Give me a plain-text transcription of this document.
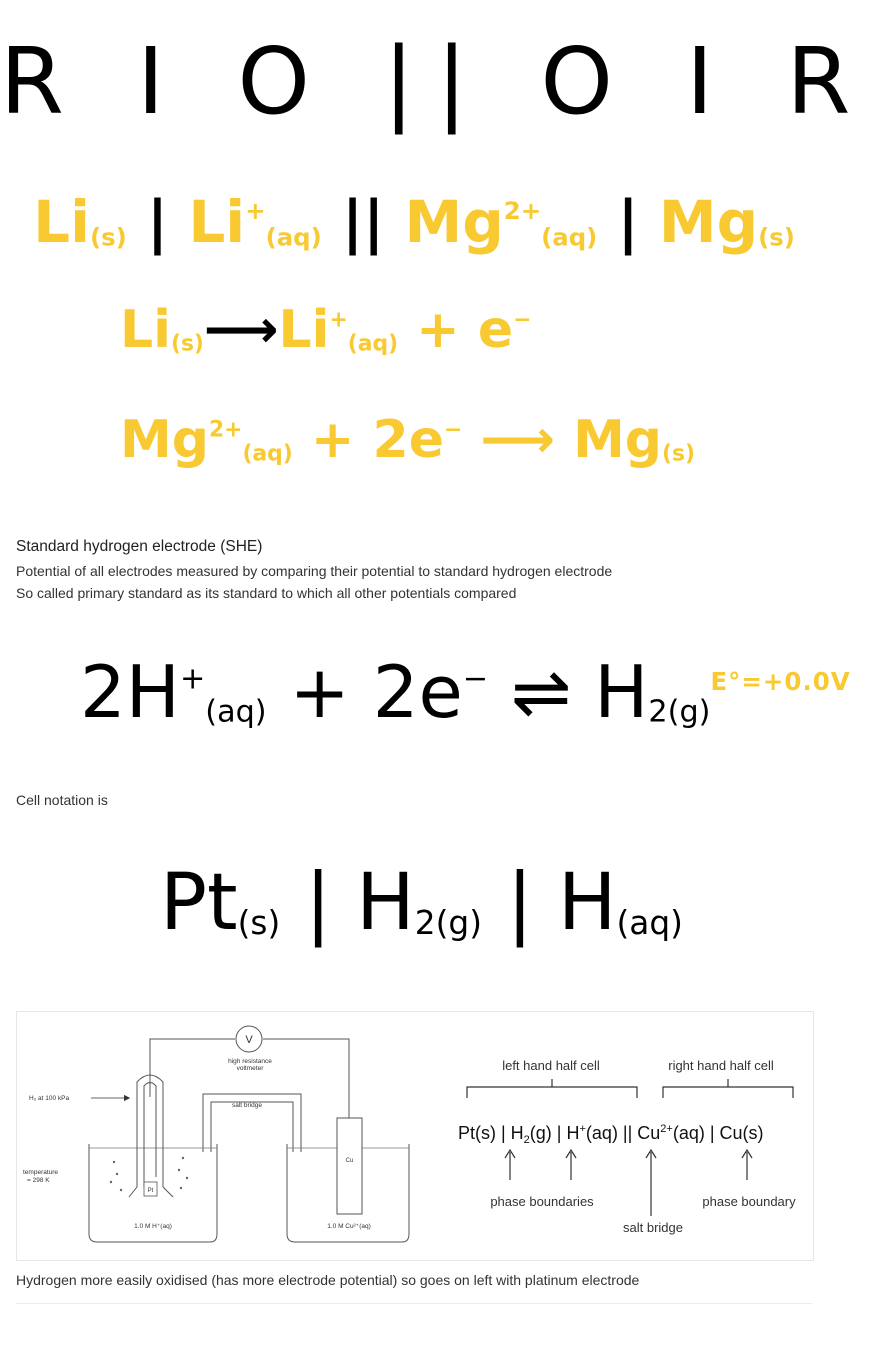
R I O || O I R
$Li_{(s)}$ | $Li^+_{(aq)}$ || $Mg^{2+}_{(aq)}$ | $Mg_{(s)}$
$Li_{(s)}⟶Li^+_{(aq)} + e^-$
$Mg^{2+}_{(aq)} + 2e^-$ ⟶ $Mg_{(s)}$
Standard hydrogen electrode (SHE)
Potential of all electrodes measured by comparing their potential to standard hydrogen electrode
So called primary standard as its standard to which all other potentials compared
$2H^+_{(aq)} + 2e^-$ ⇌ $H_{2(g)}^{E^\circ=+0.0V}$
Cell notation is
$Pt_{(s)}$ | $H_{2(g)}$ | $H_{(aq)}$
V
high resistance
voltmeter
salt bridge
Pt
Cu
H₂ at 100 kPa
temperature
= 298 K
1.0 M H⁺(aq)	1.0 M Cu²⁺(aq)
left hand half cell	right hand half cell
Pt(s) | $H_2(g)$ | H+(aq) || $Cu^{2+}(aq)$ | Cu(s)
phase boundaries	phase boundary
salt bridge
Hydrogen more easily oxidised (has more electrode potential) so goes on left with platinum electrode
